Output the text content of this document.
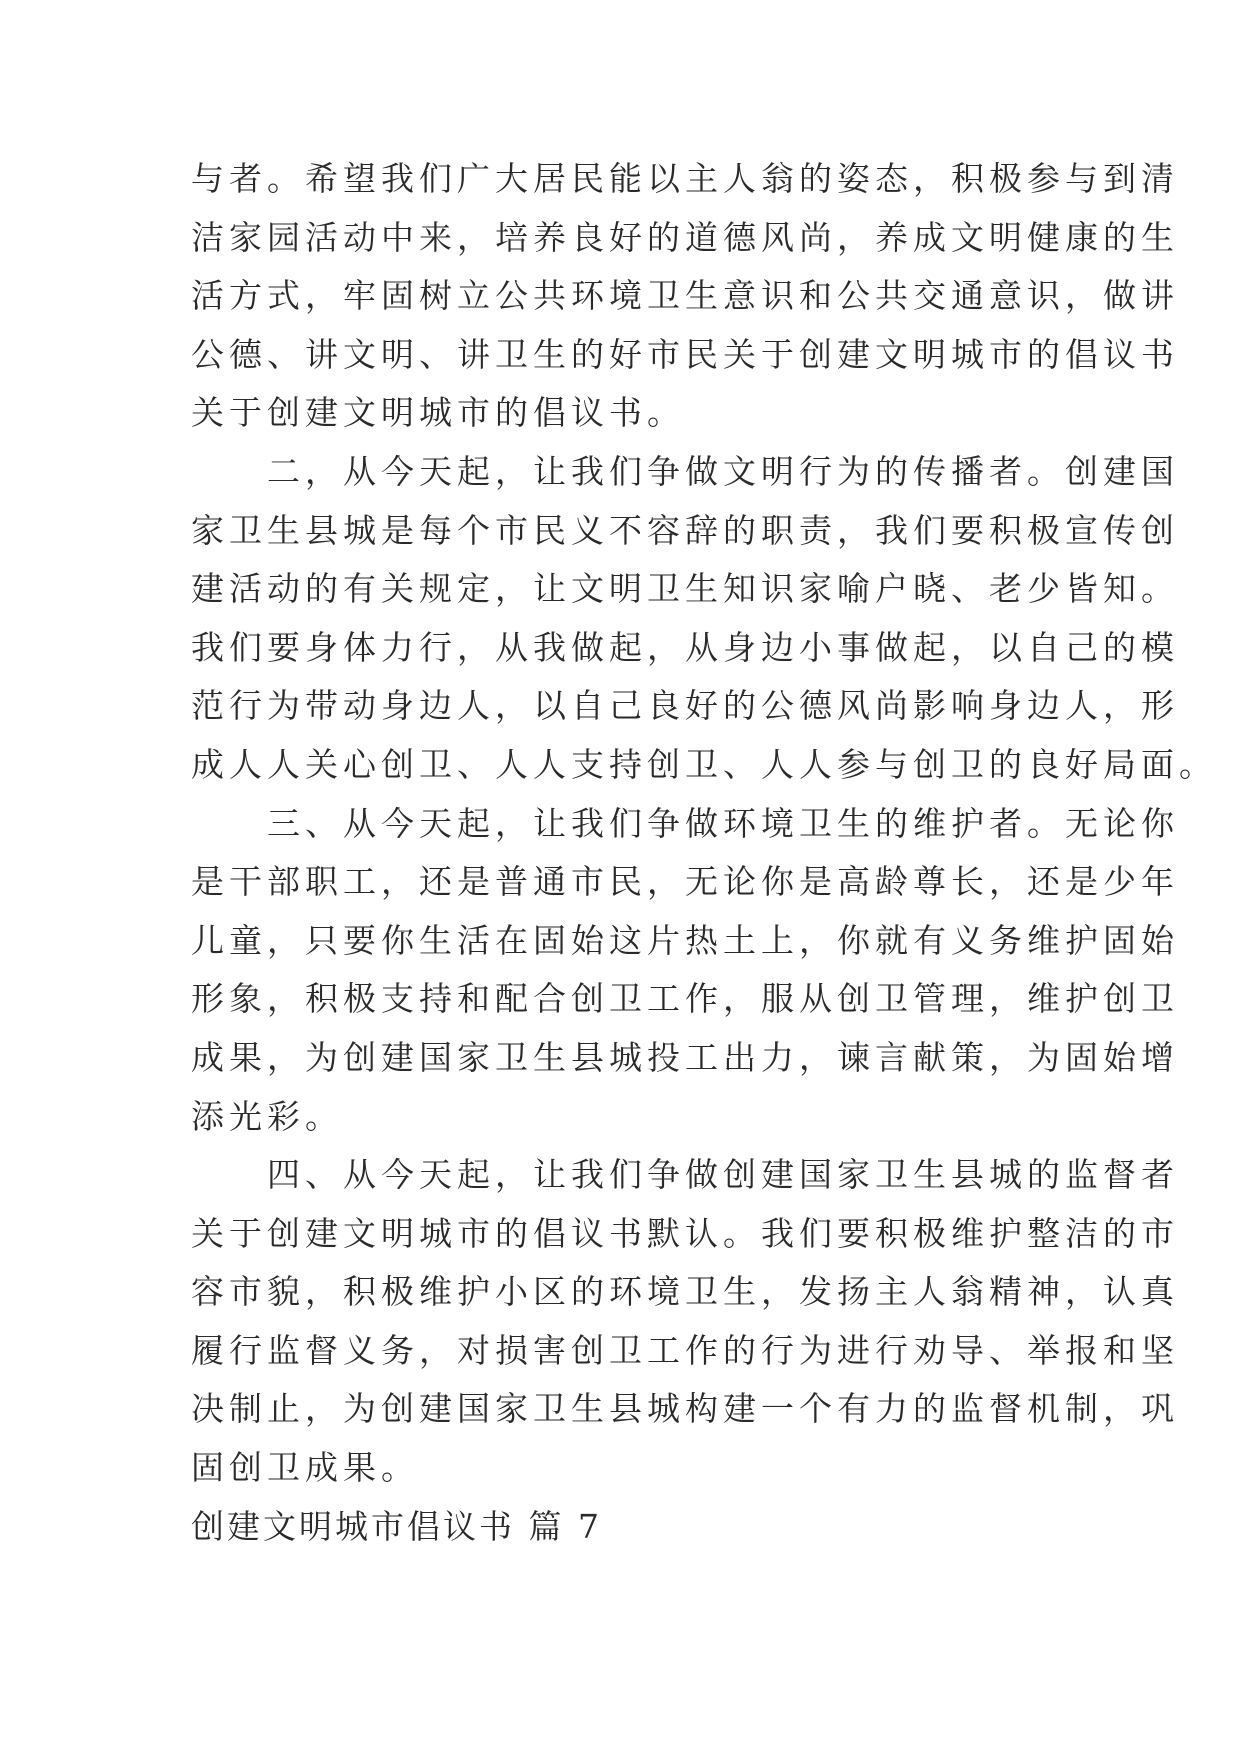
与者。希望我们广大居民能以主人翁的姿态，积极参与到清
洁家园活动中来，培养良好的道德风尚，养成文明健康的生
活方式，牢固树立公共环境卫生意识和公共交通意识，做讲
公德、讲文明、讲卫生的好市民关于创建文明城市的倡议书
关于创建文明城市的倡议书。
二，从今天起，让我们争做文明行为的传播者。创建国
家卫生县城是每个市民义不容辞的职责，我们要积极宣传创
建活动的有关规定，让文明卫生知识家喻户晓、老少皆知。
我们要身体力行，从我做起，从身边小事做起，以自己的模
范行为带动身边人，以自己良好的公德风尚影响身边人，形
成人人关心创卫、人人支持创卫、人人参与创卫的良好局面。
三、从今天起，让我们争做环境卫生的维护者。无论你
是干部职工，还是普通市民，无论你是高龄尊长，还是少年
儿童，只要你生活在固始这片热土上，你就有义务维护固始
形象，积极支持和配合创卫工作，服从创卫管理，维护创卫
成果，为创建国家卫生县城投工出力，谏言献策，为固始增
添光彩。
四、从今天起，让我们争做创建国家卫生县城的监督者
关于创建文明城市的倡议书默认。我们要积极维护整洁的市
容市貌，积极维护小区的环境卫生，发扬主人翁精神，认真
履行监督义务，对损害创卫工作的行为进行劝导、举报和坚
决制止，为创建国家卫生县城构建一个有力的监督机制，巩
固创卫成果。
创建文明城市倡议书 篇 7
